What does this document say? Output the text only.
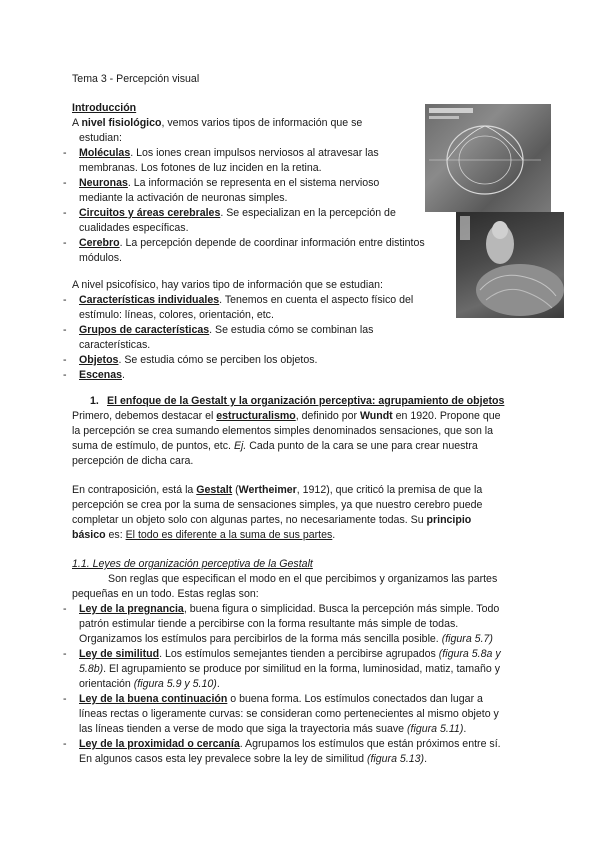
Tema 3 - Percepción visual
Introducción
A nivel fisiológico, vemos varios tipos de información que se
estudian:
- Moléculas. Los iones crean impulsos nerviosos al atravesar las
membranas. Los fotones de luz inciden en la retina.
- Neuronas. La información se representa en el sistema nervioso
mediante la activación de neuronas simples.
- Circuitos y áreas cerebrales. Se especializan en la percepción de
cualidades específicas.
- Cerebro. La percepción depende de coordinar información entre distintos
módulos.
A nivel psicofísico, hay varios tipo de información que se estudian:
- Características individuales. Tenemos en cuenta el aspecto físico del
estímulo: líneas, colores, orientación, etc.
- Grupos de características. Se estudia cómo se combinan las
características.
- Objetos. Se estudia cómo se perciben los objetos.
- Escenas.
1. El enfoque de la Gestalt y la organización perceptiva: agrupamiento de objetos
Primero, debemos destacar el estructuralismo, definido por Wundt en 1920. Propone que
la percepción se crea sumando elementos simples denominados sensaciones, que son la
suma de estímulo, de puntos, etc. Ej. Cada punto de la cara se une para crear nuestra
percepción de dicha cara.
En contraposición, está la Gestalt (Wertheimer, 1912), que criticó la premisa de que la
percepción se crea por la suma de sensaciones simples, ya que nuestro cerebro puede
completar un objeto solo con algunas partes, no necesariamente todas. Su principio
básico es: El todo es diferente a la suma de sus partes.
1.1. Leyes de organización perceptiva de la Gestalt
Son reglas que especifican el modo en el que percibimos y organizamos las partes
pequeñas en un todo. Estas reglas son:
- Ley de la pregnancia, buena figura o simplicidad. Busca la percepción más simple. Todo
patrón estimular tiende a percibirse con la forma resultante más simple de todas.
Organizamos los estímulos para percibirlos de la forma más sencilla posible. (figura 5.7)
- Ley de similitud. Los estímulos semejantes tienden a percibirse agrupados (figura 5.8a y
5.8b). El agrupamiento se produce por similitud en la forma, luminosidad, matiz, tamaño y
orientación (figura 5.9 y 5.10).
- Ley de la buena continuación o buena forma. Los estímulos conectados dan lugar a
líneas rectas o ligeramente curvas: se consideran como pertenecientes al mismo objeto y
las líneas tienden a verse de modo que siga la trayectoria más suave (figura 5.11).
- Ley de la proximidad o cercanía. Agrupamos los estímulos que están próximos entre sí.
En algunos casos esta ley prevalece sobre la ley de similitud (figura 5.13).
